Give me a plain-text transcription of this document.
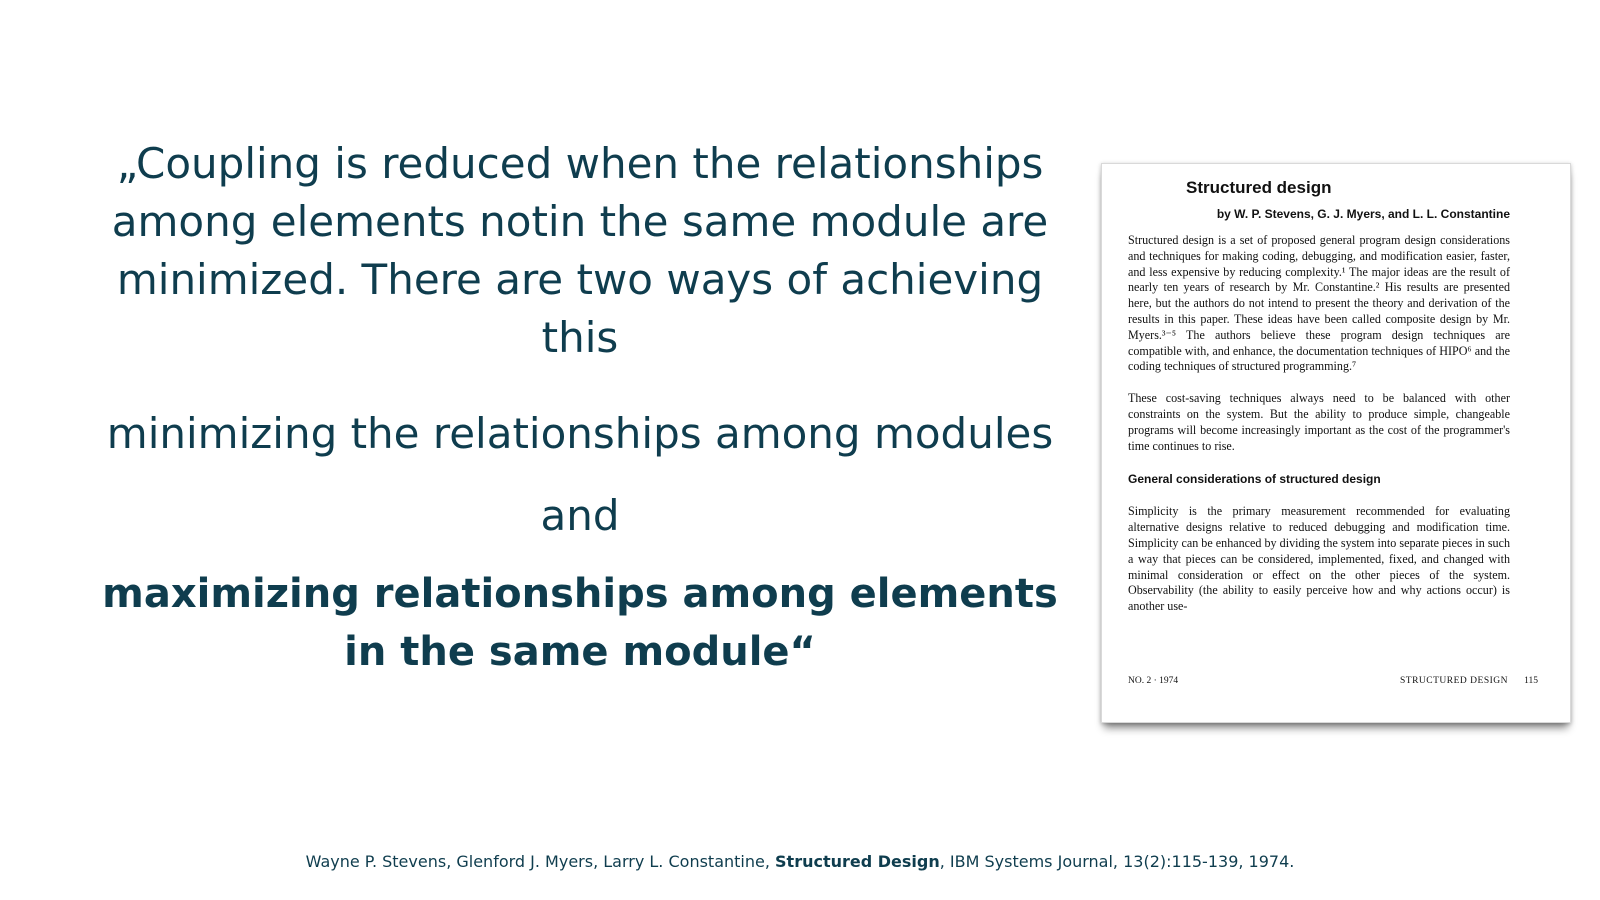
„Coupling is reduced when the relationships among elements notin the same module are minimized. There are two ways of achieving this

minimizing the relationships among modules

and

maximizing relationships among elements in the same module“

Structured design
by W. P. Stevens, G. J. Myers, and L. L. Constantine
Structured design is a set of proposed general program design considerations and techniques for making coding, debugging, and modification easier, faster, and less expensive by reducing complexity.¹ The major ideas are the result of nearly ten years of research by Mr. Constantine.² His results are presented here, but the authors do not intend to present the theory and derivation of the results in this paper. These ideas have been called composite design by Mr. Myers.³⁻⁵ The authors believe these program design techniques are compatible with, and enhance, the documentation techniques of HIPO⁶ and the coding techniques of structured programming.⁷
These cost-saving techniques always need to be balanced with other constraints on the system. But the ability to produce simple, changeable programs will become increasingly important as the cost of the programmer's time continues to rise.
General considerations of structured design
Simplicity is the primary measurement recommended for evaluating alternative designs relative to reduced debugging and modification time. Simplicity can be enhanced by dividing the system into separate pieces in such a way that pieces can be considered, implemented, fixed, and changed with minimal consideration or effect on the other pieces of the system. Observability (the ability to easily perceive how and why actions occur) is another use-
NO. 2 · 1974	STRUCTURED DESIGN 115
Wayne P. Stevens, Glenford J. Myers, Larry L. Constantine, Structured Design, IBM Systems Journal, 13(2):115-139, 1974.
